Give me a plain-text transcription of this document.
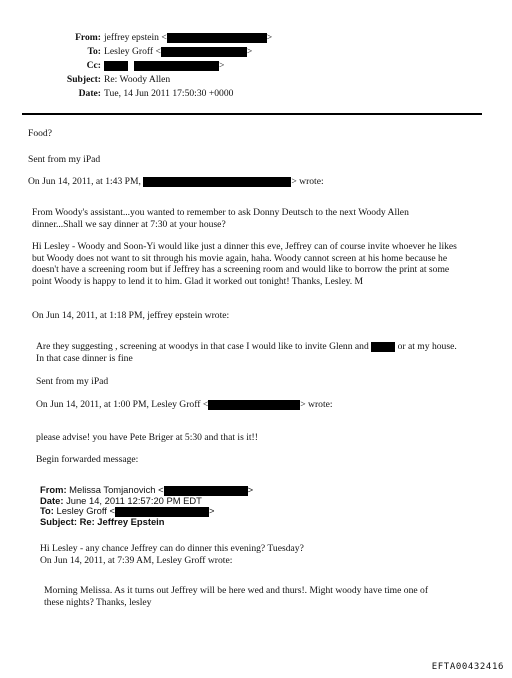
From: jeffrey epstein <	>
To: Lesley Groff <	>
Cc:	>
Subject: Re: Woody Allen
Date: Tue, 14 Jun 2011 17:50:30 +0000
Food?
Sent from my iPad
On Jun 14, 2011, at 1:43 PM,	> wrote:
From Woody's assistant...you wanted to remember to ask Donny Deutsch to the next Woody Allen
dinner...Shall we say dinner at 7:30 at your house?
Hi Lesley - Woody and Soon-Yi would like just a dinner this eve, Jeffrey can of course invite whoever he likes
but Woody does not want to sit through his movie again, haha. Woody cannot screen at his home because he
doesn't have a screening room but if Jeffrey has a screening room and would like to borrow the print at some
point Woody is happy to lend it to him. Glad it worked out tonight! Thanks, Lesley. M
On Jun 14, 2011, at 1:18 PM, jeffrey epstein wrote:
Are they suggesting , screening at woodys in that case I would like to invite Glenn and	or at my house.
In that case dinner is fine
Sent from my iPad
On Jun 14, 2011, at 1:00 PM, Lesley Groff <	> wrote:
please advise! you have Pete Briger at 5:30 and that is it!!
Begin forwarded message:
From: Melissa Tomjanovich <	>
Date: June 14, 2011 12:57:20 PM EDT
To: Lesley Groff <	>
Subject: Re: Jeffrey Epstein
Hi Lesley - any chance Jeffrey can do dinner this evening? Tuesday?
On Jun 14, 2011, at 7:39 AM, Lesley Groff wrote:
Morning Melissa. As it turns out Jeffrey will be here wed and thurs!. Might woody have time one of
these nights? Thanks, lesley
EFTA00432416
